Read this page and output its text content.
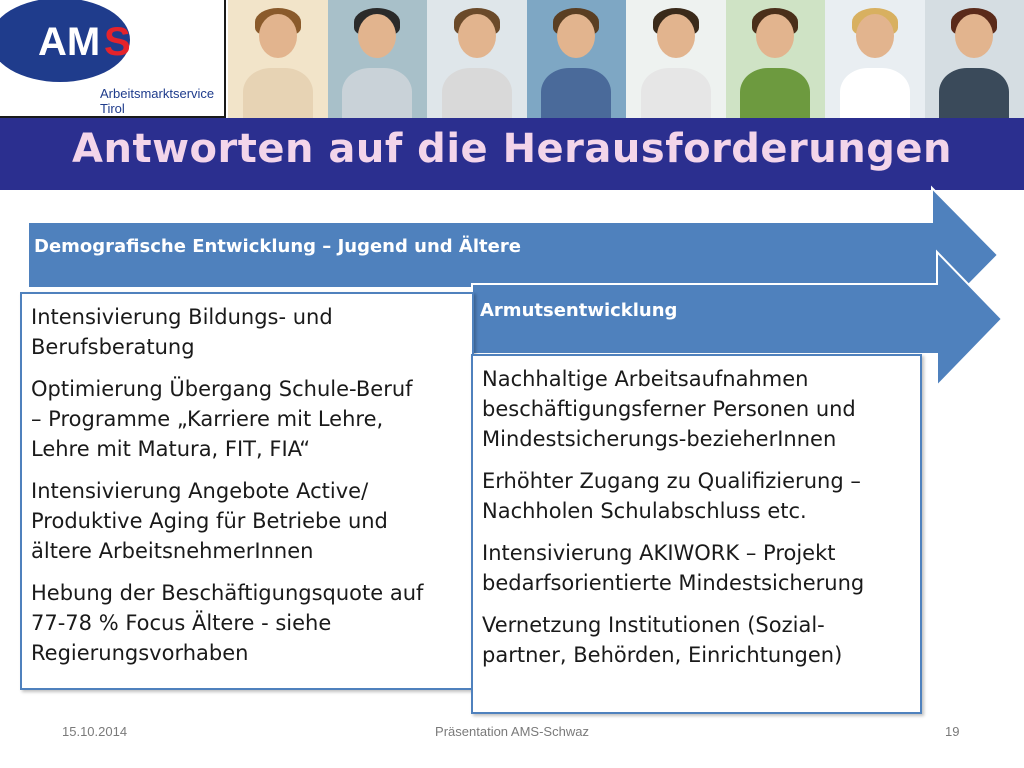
AM S
Arbeitsmarktservice
Tirol
Antworten auf die Herausforderungen
Demografische Entwicklung – Jugend und Ältere
Armutsentwicklung

Intensivierung Bildungs- und
Berufsberatung

Optimierung Übergang Schule-Beruf
– Programme „Karriere mit Lehre,
Lehre mit Matura, FIT, FIA“

Intensivierung Angebote Active/
Produktive Aging für Betriebe und
ältere ArbeitsnehmerInnen

Hebung der Beschäftigungsquote auf
77-78 % Focus Ältere - siehe
Regierungsvorhaben

Nachhaltige Arbeitsaufnahmen
beschäftigungsferner Personen und
Mindestsicherungs-bezieherInnen

Erhöhter Zugang zu Qualifizierung –
Nachholen Schulabschluss etc.

Intensivierung AKIWORK – Projekt
bedarfsorientierte Mindestsicherung

Vernetzung Institutionen (Sozial-
partner, Behörden, Einrichtungen)

15.10.2014	Präsentation AMS-Schwaz	19
